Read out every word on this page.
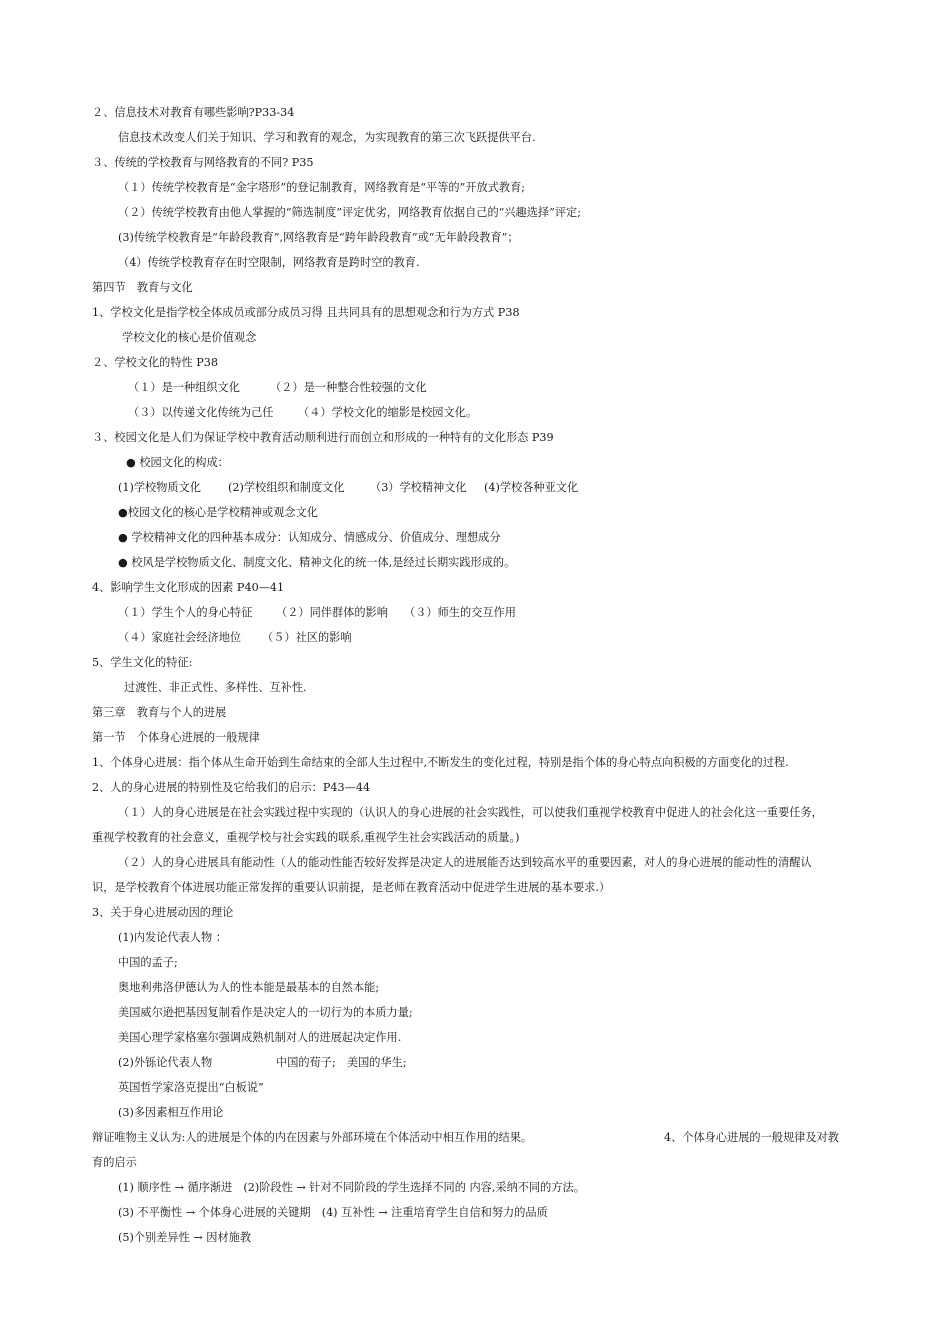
２、信息技术对教育有哪些影响?P33-34
信息技术改变人们关于知识、学习和教育的观念，为实现教育的第三次飞跃提供平台.
３、传统的学校教育与网络教育的不同? P35
（１）传统学校教育是“金字塔形”的登记制教育，网络教育是“平等的”开放式教育;
（２）传统学校教育由他人掌握的“筛选制度”评定优劣，网络教育依据自己的“兴趣选择”评定;
(3)传统学校教育是“年龄段教育”,网络教育是“跨年龄段教育”或“无年龄段教育”；
（4）传统学校教育存在时空限制，网络教育是跨时空的教育.
第四节　教育与文化
1、学校文化是指学校全体成员或部分成员习得 且共同具有的思想观念和行为方式 P38
学校文化的核心是价值观念
２、学校文化的特性 P38
（１）是一种组织文化	（２）是一种整合性较强的文化
（３）以传递文化传统为己任 （４）学校文化的缩影是校园文化。
３、校园文化是人们为保证学校中教育活动顺利进行而创立和形成的一种特有的文化形态 P39
● 校园文化的构成：
(1)学校物质文化 (2)学校组织和制度文化 （3）学校精神文化 (4)学校各种亚文化
●校园文化的核心是学校精神或观念文化
● 学校精神文化的四种基本成分：认知成分、情感成分、价值成分、理想成分
● 校风是学校物质文化、制度文化、精神文化的统一体,是经过长期实践形成的。
4、影响学生文化形成的因素 P40—41
（１）学生个人的身心特征 （２）同伴群体的影响 （３）师生的交互作用
（４）家庭社会经济地位 （５）社区的影响
5、学生文化的特征:
过渡性、非正式性、多样性、互补性.
第三章　教育与个人的进展
第一节　个体身心进展的一般规律
1、个体身心进展：指个体从生命开始到生命结束的全部人生过程中,不断发生的变化过程，特别是指个体的身心特点向积极的方面变化的过程.
2、人的身心进展的特别性及它给我们的启示：P43—44
（１）人的身心进展是在社会实践过程中实现的（认识人的身心进展的社会实践性，可以使我们重视学校教育中促进人的社会化这一重要任务，
重视学校教育的社会意义，重视学校与社会实践的联系,重视学生社会实践活动的质量。)
（２）人的身心进展具有能动性（人的能动性能否较好发挥是决定人的进展能否达到较高水平的重要因素，对人的身心进展的能动性的清醒认
识，是学校教育个体进展功能正常发挥的重要认识前提，是老师在教育活动中促进学生进展的基本要求.）
3、关于身心进展动因的理论
(1)内发论代表人物 ：
中国的孟子;
奥地利弗洛伊德认为人的性本能是最基本的自然本能;
美国威尔逊把基因复制看作是决定人的一切行为的本质力量;
美国心理学家格塞尔强调成熟机制对人的进展起决定作用.
(2)外铄论代表人物	中国的荀子;　美国的华生;
英国哲学家洛克提出“白板说”
(3)多因素相互作用论
辩证唯物主义认为:人的进展是个体的内在因素与外部环境在个体活动中相互作用的结果。	4、个体身心进展的一般规律及对教
育的启示
(1) 顺序性 → 循序渐进　(2)阶段性 → 针对不同阶段的学生选择不同的 内容,采纳不同的方法。
(3) 不平衡性 → 个体身心进展的关键期　(4) 互补性 → 注重培育学生自信和努力的品质
(5)个别差异性 → 因材施教
